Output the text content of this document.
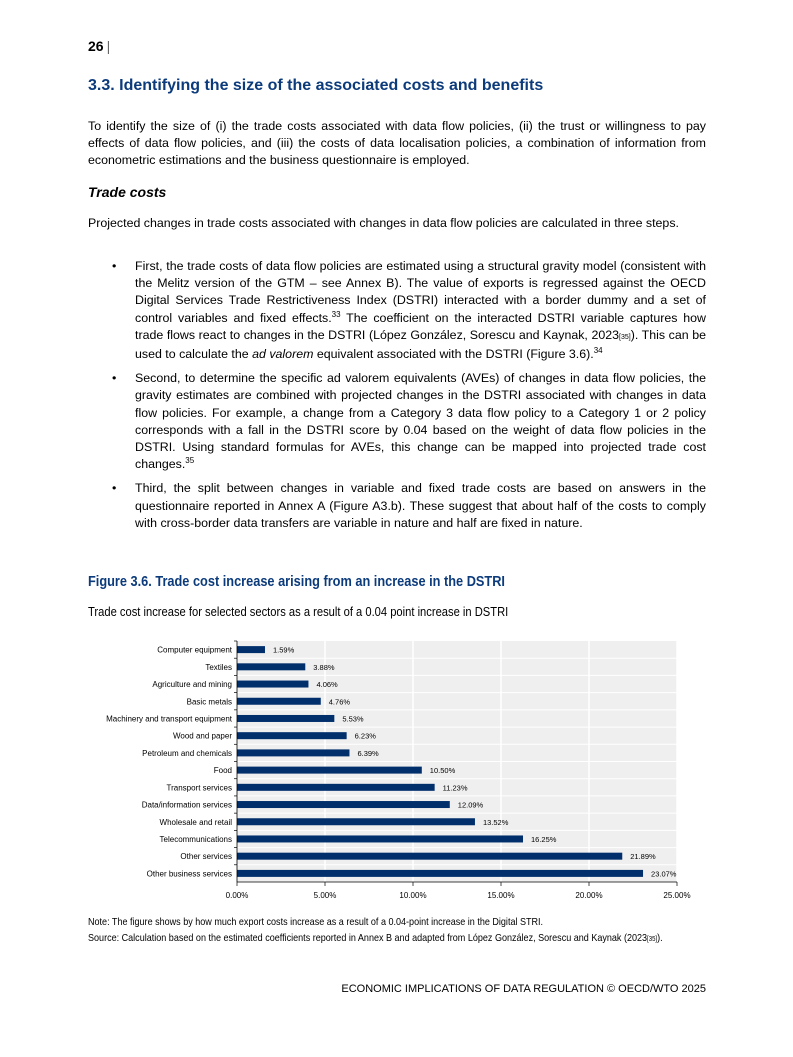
26 |
3.3. Identifying the size of the associated costs and benefits

To identify the size of (i) the trade costs associated with data flow policies, (ii) the trust or willingness to pay effects of data flow policies, and (iii) the costs of data localisation policies, a combination of information from econometric estimations and the business questionnaire is employed.

Trade costs

Projected changes in trade costs associated with changes in data flow policies are calculated in three steps.

• First, the trade costs of data flow policies are estimated using a structural gravity model (consistent with the Melitz version of the GTM – see Annex B). The value of exports is regressed against the OECD Digital Services Trade Restrictiveness Index (DSTRI) interacted with a border dummy and a set of control variables and fixed effects.$^{33}$ The coefficient on the interacted DSTRI variable captures how trade flows react to changes in the DSTRI (López González, Sorescu and Kaynak, 2023[35]). This can be used to calculate the ad valorem equivalent associated with the DSTRI (Figure 3.6).$^{34}$
• Second, to determine the specific ad valorem equivalents (AVEs) of changes in data flow policies, the gravity estimates are combined with projected changes in the DSTRI associated with changes in data flow policies. For example, a change from a Category 3 data flow policy to a Category 1 or 2 policy corresponds with a fall in the DSTRI score by 0.04 based on the weight of data flow policies in the DSTRI. Using standard formulas for AVEs, this change can be mapped into projected trade cost changes.$^{35}$
• Third, the split between changes in variable and fixed trade costs are based on answers in the questionnaire reported in Annex A (Figure A3.b). These suggest that about half of the costs to comply with cross-border data transfers are variable in nature and half are fixed in nature.
Figure 3.6. Trade cost increase arising from an increase in the DSTRI
Trade cost increase for selected sectors as a result of a 0.04 point increase in DSTRI
0.00%	5.00%	10.00%	15.00%	20.00%	25.00%
Computer equipment	1.59%
Textiles	3.88%
Agriculture and mining	4.06%
Basic metals	4.76%
Machinery and transport equipment	5.53%
Wood and paper	6.23%
Petroleum and chemicals	6.39%
Food	10.50%
Transport services	11.23%
Data/information services	12.09%
Wholesale and retail	13.52%
Telecommunications	16.25%
Other services	21.89%
Other business services	23.07%
Note: The figure shows by how much export costs increase as a result of a 0.04-point increase in the Digital STRI.
Source: Calculation based on the estimated coefficients reported in Annex B and adapted from López González, Sorescu and Kaynak (2023[35]).
ECONOMIC IMPLICATIONS OF DATA REGULATION © OECD/WTO 2025
